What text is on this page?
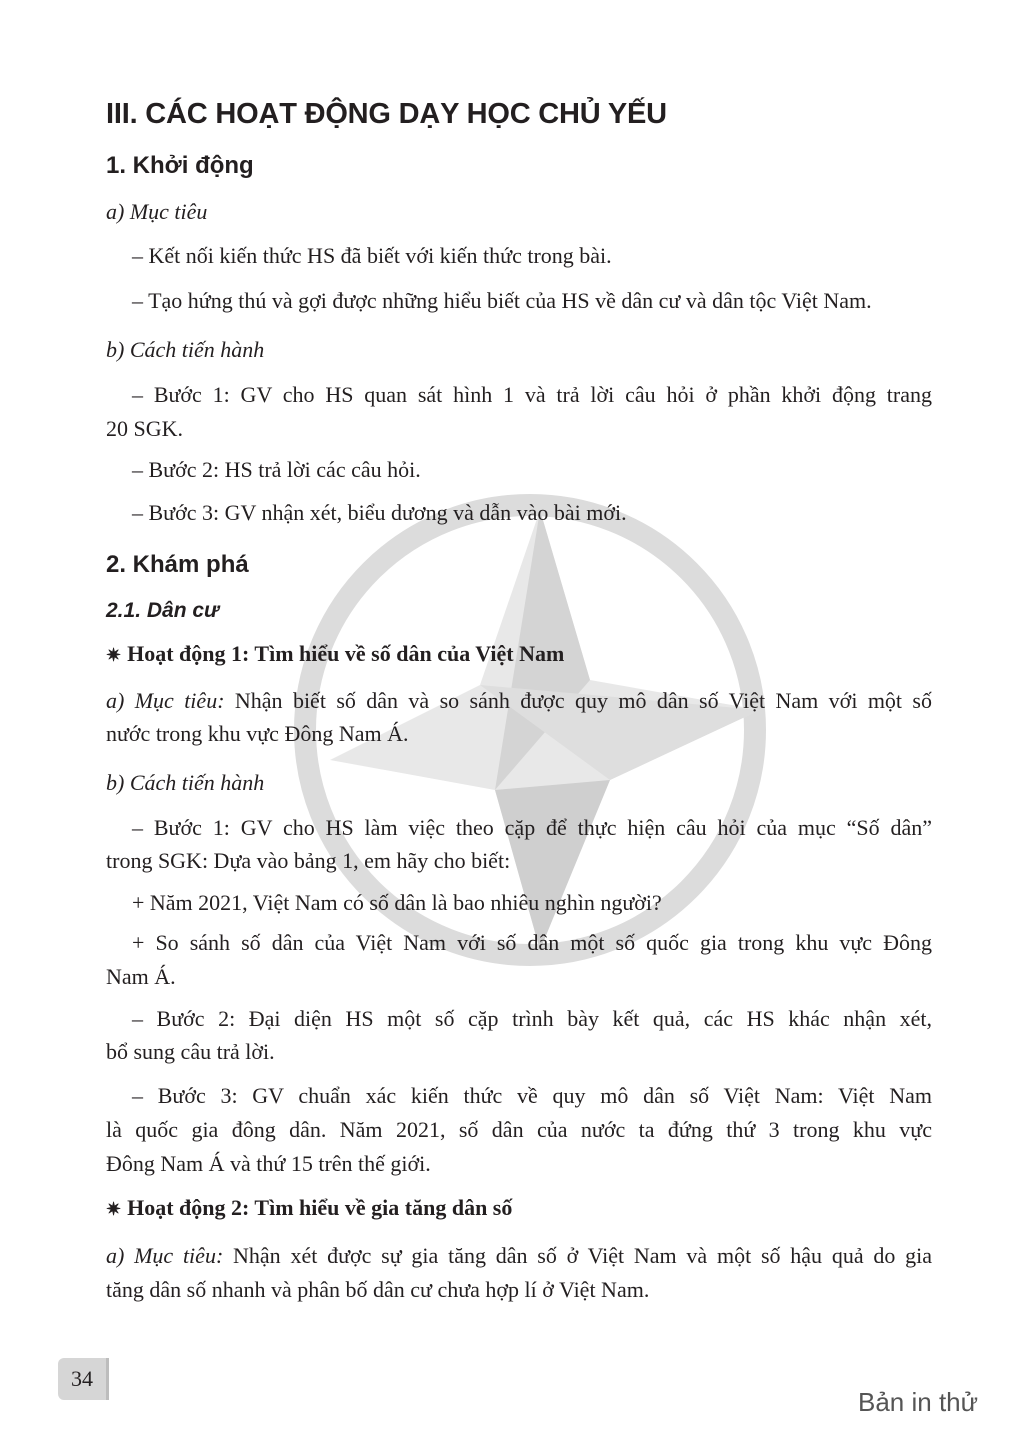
III. CÁC HOẠT ĐỘNG DẠY HỌC CHỦ YẾU
1. Khởi động

a) Mục tiêu

– Kết nối kiến thức HS đã biết với kiến thức trong bài.

– Tạo hứng thú và gợi được những hiểu biết của HS về dân cư và dân tộc Việt Nam.

b) Cách tiến hành

– Bước 1: GV cho HS quan sát hình 1 và trả lời câu hỏi ở phần khởi động trang

20 SGK.

– Bước 2: HS trả lời các câu hỏi.

– Bước 3: GV nhận xét, biểu dương và dẫn vào bài mới.

2. Khám phá
2.1. Dân cư

✷ Hoạt động 1: Tìm hiểu về số dân của Việt Nam

a) Mục tiêu: Nhận biết số dân và so sánh được quy mô dân số Việt Nam với một số

nước trong khu vực Đông Nam Á.

b) Cách tiến hành

– Bước 1: GV cho HS làm việc theo cặp để thực hiện câu hỏi của mục “Số dân”

trong SGK: Dựa vào bảng 1, em hãy cho biết:

+ Năm 2021, Việt Nam có số dân là bao nhiêu nghìn người?

+ So sánh số dân của Việt Nam với số dân một số quốc gia trong khu vực Đông

Nam Á.

– Bước 2: Đại diện HS một số cặp trình bày kết quả, các HS khác nhận xét,

bổ sung câu trả lời.

– Bước 3: GV chuẩn xác kiến thức về quy mô dân số Việt Nam: Việt Nam

là quốc gia đông dân. Năm 2021, số dân của nước ta đứng thứ 3 trong khu vực

Đông Nam Á và thứ 15 trên thế giới.

✷ Hoạt động 2: Tìm hiểu về gia tăng dân số

a) Mục tiêu: Nhận xét được sự gia tăng dân số ở Việt Nam và một số hậu quả do gia

tăng dân số nhanh và phân bố dân cư chưa hợp lí ở Việt Nam.

34
Bản in thử
